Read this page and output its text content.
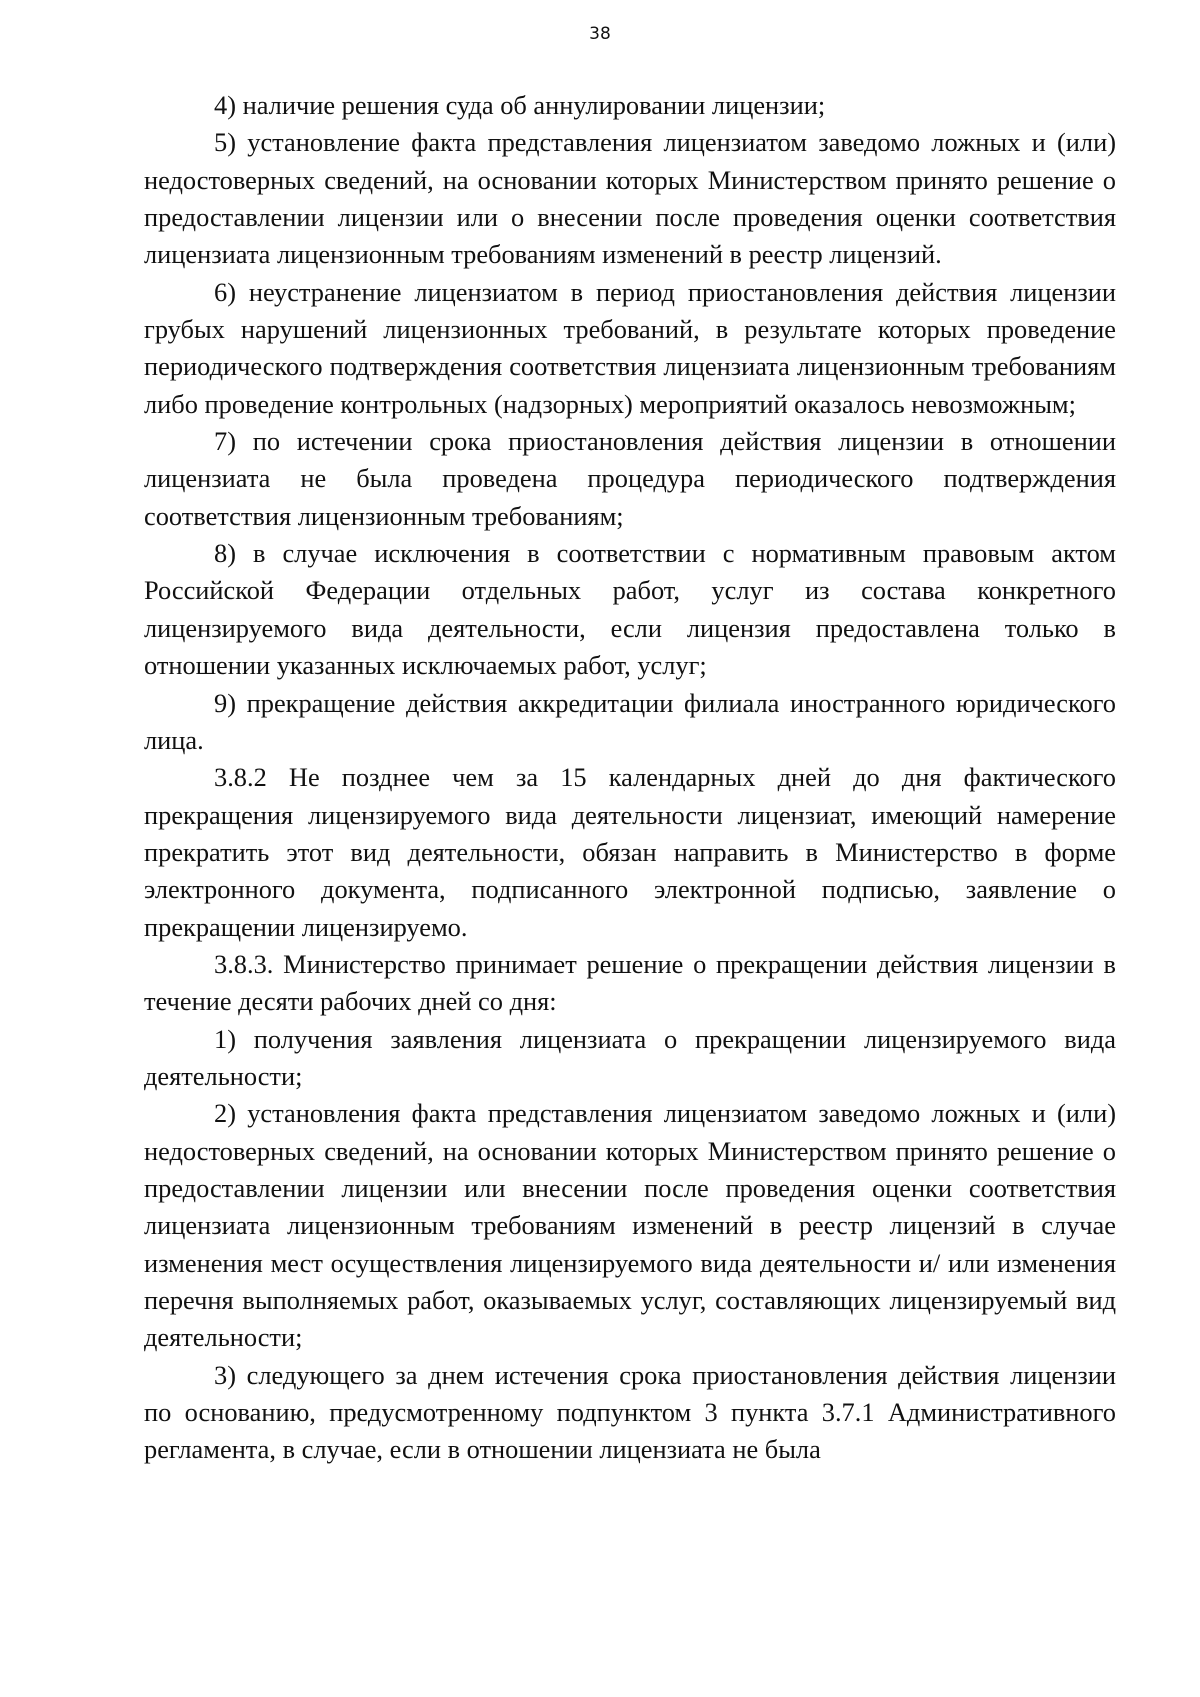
38

4) наличие решения суда об аннулировании лицензии;

5) установление факта представления лицензиатом заведомо ложных и (или) недостоверных сведений, на основании которых Министерством принято решение о предоставлении лицензии или о внесении после проведения оценки соответствия лицензиата лицензионным требованиям изменений в реестр лицензий.

6) неустранение лицензиатом в период приостановления действия лицензии грубых нарушений лицензионных требований, в результате которых проведение периодического подтверждения соответствия лицензиата лицензионным требованиям либо проведение контрольных (надзорных) мероприятий оказалось невозможным;

7) по истечении срока приостановления действия лицензии в отношении лицензиата не была проведена процедура периодического подтверждения соответствия лицензионным требованиям;

8) в случае исключения в соответствии с нормативным правовым актом Российской Федерации отдельных работ, услуг из состава конкретного лицензируемого вида деятельности, если лицензия предоставлена только в отношении указанных исключаемых работ, услуг;

9) прекращение действия аккредитации филиала иностранного юридического лица.

3.8.2 Не позднее чем за 15 календарных дней до дня фактического прекращения лицензируемого вида деятельности лицензиат, имеющий намерение прекратить этот вид деятельности, обязан направить в Министерство в форме электронного документа, подписанного электронной подписью, заявление о прекращении лицензируемо.

3.8.3. Министерство принимает решение о прекращении действия лицензии в течение десяти рабочих дней со дня:

1) получения заявления лицензиата о прекращении лицензируемого вида деятельности;

2) установления факта представления лицензиатом заведомо ложных и (или) недостоверных сведений, на основании которых Министерством принято решение о предоставлении лицензии или внесении после проведения оценки соответствия лицензиата лицензионным требованиям изменений в реестр лицензий в случае изменения мест осуществления лицензируемого вида деятельности и/ или изменения перечня выполняемых работ, оказываемых услуг, составляющих лицензируемый вид деятельности;

3) следующего за днем истечения срока приостановления действия лицензии по основанию, предусмотренному подпунктом 3 пункта 3.7.1 Административного регламента, в случае, если в отношении лицензиата не была
